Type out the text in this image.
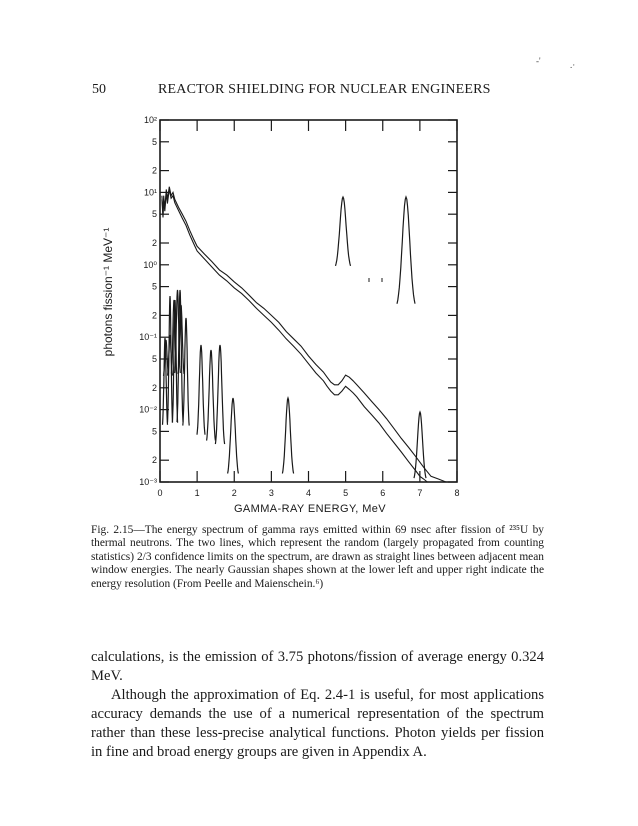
-'	.·
50	REACTOR SHIELDING FOR NUCLEAR ENGINEERS
10²
5
2
10¹
5
2
10⁰
5
2
10⁻¹
5
2
10⁻²
5
2
10⁻³
0	1	2	3	4	5	6	7	8
photons fission⁻¹ MeV⁻¹
GAMMA-RAY ENERGY, MeV
Fig. 2.15—The energy spectrum of gamma rays emitted within 69 nsec after fission of ²³⁵U by thermal neutrons. The two lines, which represent the random (largely propagated from counting statistics) 2/3 confidence limits on the spectrum, are drawn as straight lines between adjacent mean window energies. The nearly Gaussian shapes shown at the lower left and upper right indicate the energy resolution (From Peelle and Maienschein.⁶)

calculations, is the emission of 3.75 photons/fission of average energy 0.324 MeV.

Although the approximation of Eq. 2.4-1 is useful, for most applications accuracy demands the use of a numerical representation of the spectrum rather than these less-precise analytical functions. Photon yields per fission in fine and broad energy groups are given in Appendix A.
